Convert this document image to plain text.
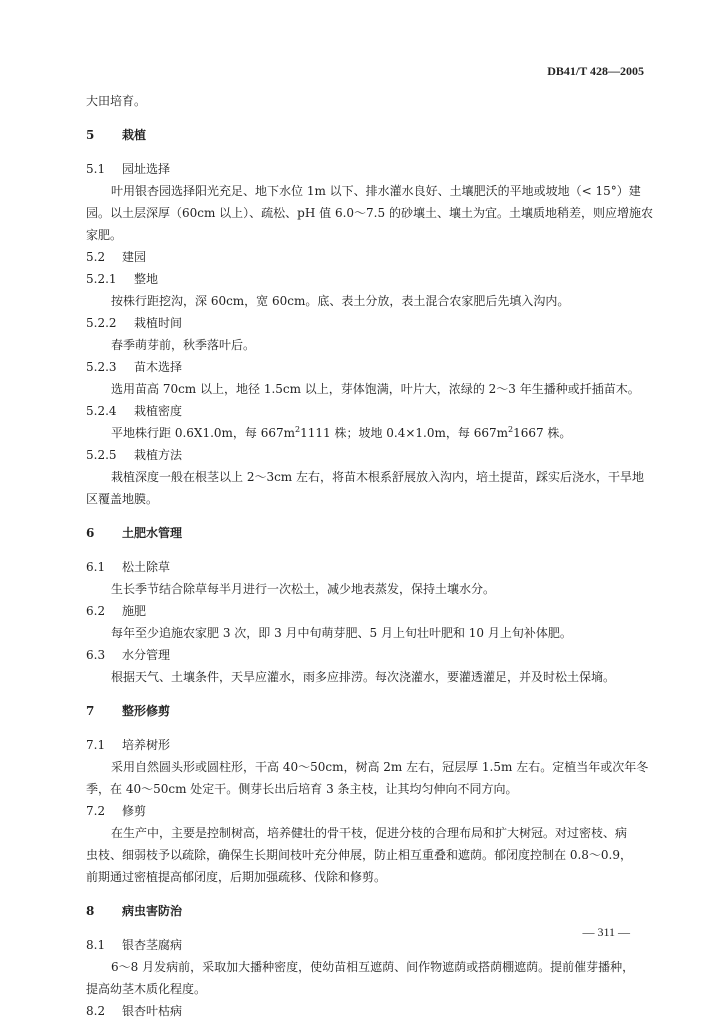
DB41/T 428—2005

大田培育。

5 栽植
5.1 园址选择

叶用银杏园选择阳光充足、地下水位 1m 以下、排水灌水良好、土壤肥沃的平地或坡地（< 15°）建

园。以土层深厚（60cm 以上）、疏松、pH 值 6.0～7.5 的砂壤土、壤土为宜。土壤质地稍差，则应增施农

家肥。

5.2 建园
5.2.1 整地

按株行距挖沟，深 60cm，宽 60cm。底、表土分放，表土混合农家肥后先填入沟内。

5.2.2 栽植时间

春季萌芽前，秋季落叶后。

5.2.3 苗木选择

选用苗高 70cm 以上，地径 1.5cm 以上，芽体饱满，叶片大，浓绿的 2～3 年生播种或扦插苗木。

5.2.4 栽植密度

平地株行距 0.6X1.0m，每 $667m^21111$ 株；坡地 0.4×1.0m，每 $667m^21667$ 株。

5.2.5 栽植方法

栽植深度一般在根茎以上 2～3cm 左右，将苗木根系舒展放入沟内，培土提苗，踩实后浇水，干旱地

区覆盖地膜。

6 土肥水管理
6.1 松土除草

生长季节结合除草每半月进行一次松土，减少地表蒸发，保持土壤水分。

6.2 施肥

每年至少追施农家肥 3 次，即 3 月中旬萌芽肥、5 月上旬壮叶肥和 10 月上旬补体肥。

6.3 水分管理

根据天气、土壤条件，天旱应灌水，雨多应排涝。每次浇灌水，要灌透灌足，并及时松土保墒。

7 整形修剪
7.1 培养树形

采用自然圆头形或圆柱形，干高 40～50cm，树高 2m 左右，冠层厚 1.5m 左右。定植当年或次年冬

季，在 40～50cm 处定干。侧芽长出后培育 3 条主枝，让其均匀伸向不同方向。

7.2 修剪

在生产中，主要是控制树高，培养健壮的骨干枝，促进分枝的合理布局和扩大树冠。对过密枝、病

虫枝、细弱枝予以疏除，确保生长期间枝叶充分伸展，防止相互重叠和遮荫。郁闭度控制在 0.8～0.9，

前期通过密植提高郁闭度，后期加强疏移、伐除和修剪。

8 病虫害防治
8.1 银杏茎腐病

6～8 月发病前，采取加大播种密度，使幼苗相互遮荫、间作物遮荫或搭荫棚遮荫。提前催芽播种，

提高幼茎木质化程度。

8.2 银杏叶枯病
— 311 —
